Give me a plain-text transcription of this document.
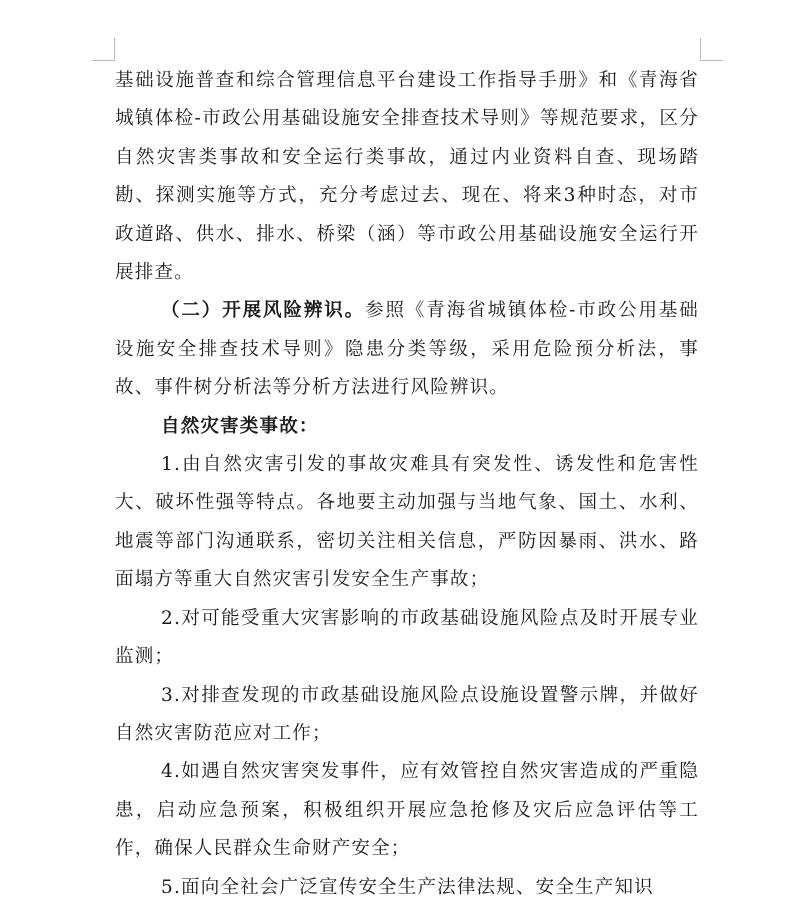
基础设施普查和综合管理信息平台建设工作指导手册》和《青海省城镇体检-市政公用基础设施安全排查技术导则》等规范要求，区分自然灾害类事故和安全运行类事故，通过内业资料自查、现场踏勘、探测实施等方式，充分考虑过去、现在、将来3种时态，对市政道路、供水、排水、桥梁（涵）等市政公用基础设施安全运行开展排查。

（二）开展风险辨识。参照《青海省城镇体检-市政公用基础设施安全排查技术导则》隐患分类等级，采用危险预分析法，事故、事件树分析法等分析方法进行风险辨识。

自然灾害类事故：

1.由自然灾害引发的事故灾难具有突发性、诱发性和危害性大、破坏性强等特点。各地要主动加强与当地气象、国土、水利、地震等部门沟通联系，密切关注相关信息，严防因暴雨、洪水、路面塌方等重大自然灾害引发安全生产事故；

2.对可能受重大灾害影响的市政基础设施风险点及时开展专业监测；

3.对排查发现的市政基础设施风险点设施设置警示牌，并做好自然灾害防范应对工作；

4.如遇自然灾害突发事件，应有效管控自然灾害造成的严重隐患，启动应急预案，积极组织开展应急抢修及灾后应急评估等工作，确保人民群众生命财产安全；

5.面向全社会广泛宣传安全生产法律法规、安全生产知识
